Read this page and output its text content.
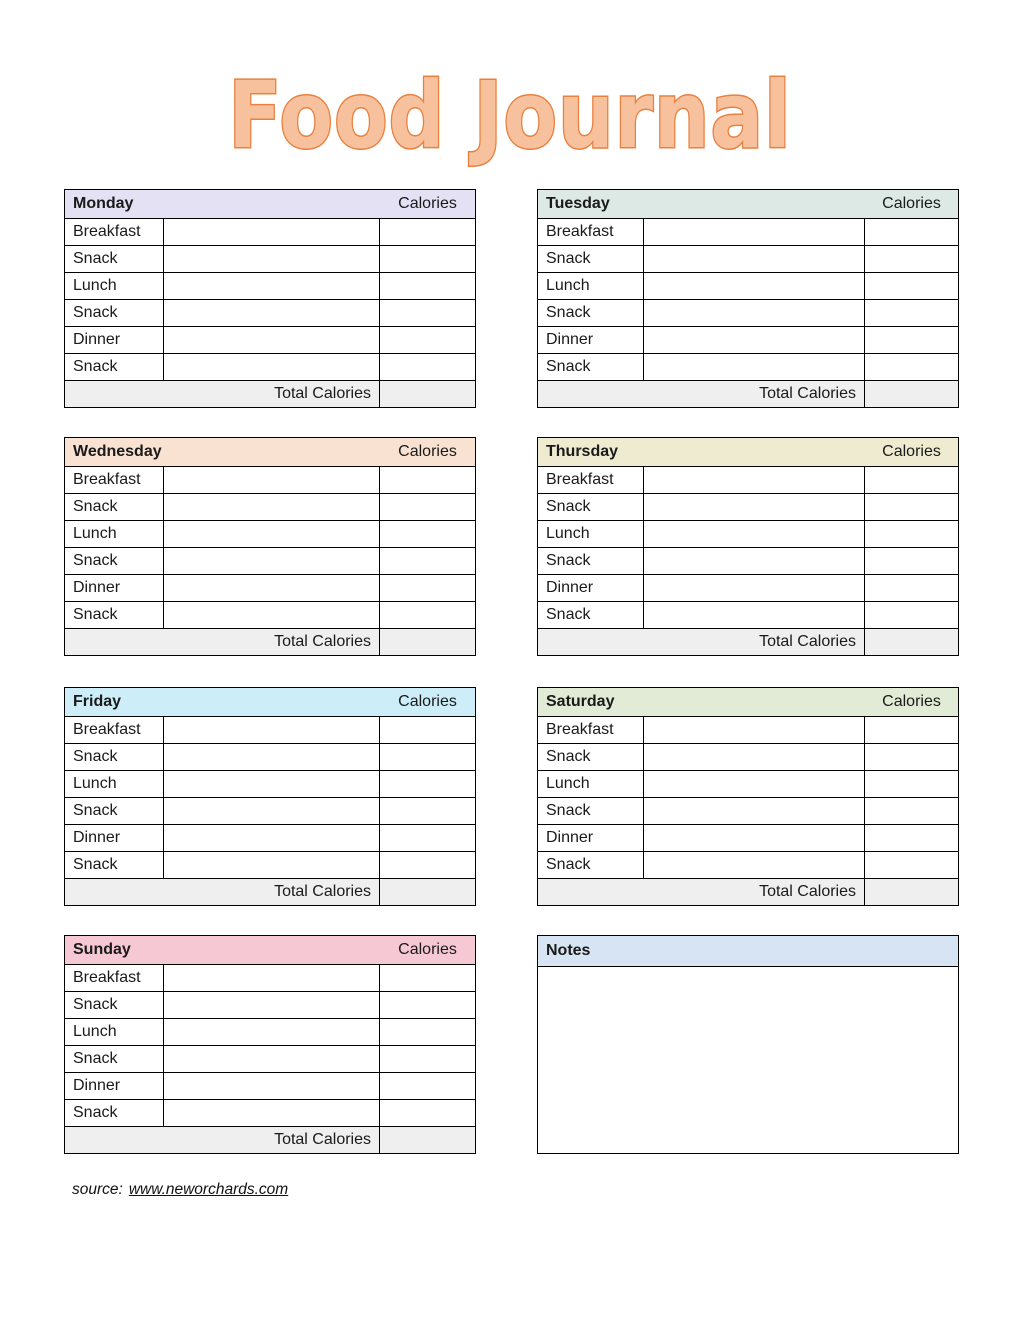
Food Journal
Monday	Calories
Breakfast
Snack
Lunch
Snack
Dinner
Snack
Total Calories
Tuesday	Calories
Breakfast
Snack
Lunch
Snack
Dinner
Snack
Total Calories
Wednesday	Calories
Breakfast
Snack
Lunch
Snack
Dinner
Snack
Total Calories
Thursday	Calories
Breakfast
Snack
Lunch
Snack
Dinner
Snack
Total Calories
Friday	Calories
Breakfast
Snack
Lunch
Snack
Dinner
Snack
Total Calories
Saturday	Calories
Breakfast
Snack
Lunch
Snack
Dinner
Snack
Total Calories
Sunday	Calories
Breakfast
Snack
Lunch
Snack
Dinner
Snack
Total Calories
Notes
source: www.neworchards.com
